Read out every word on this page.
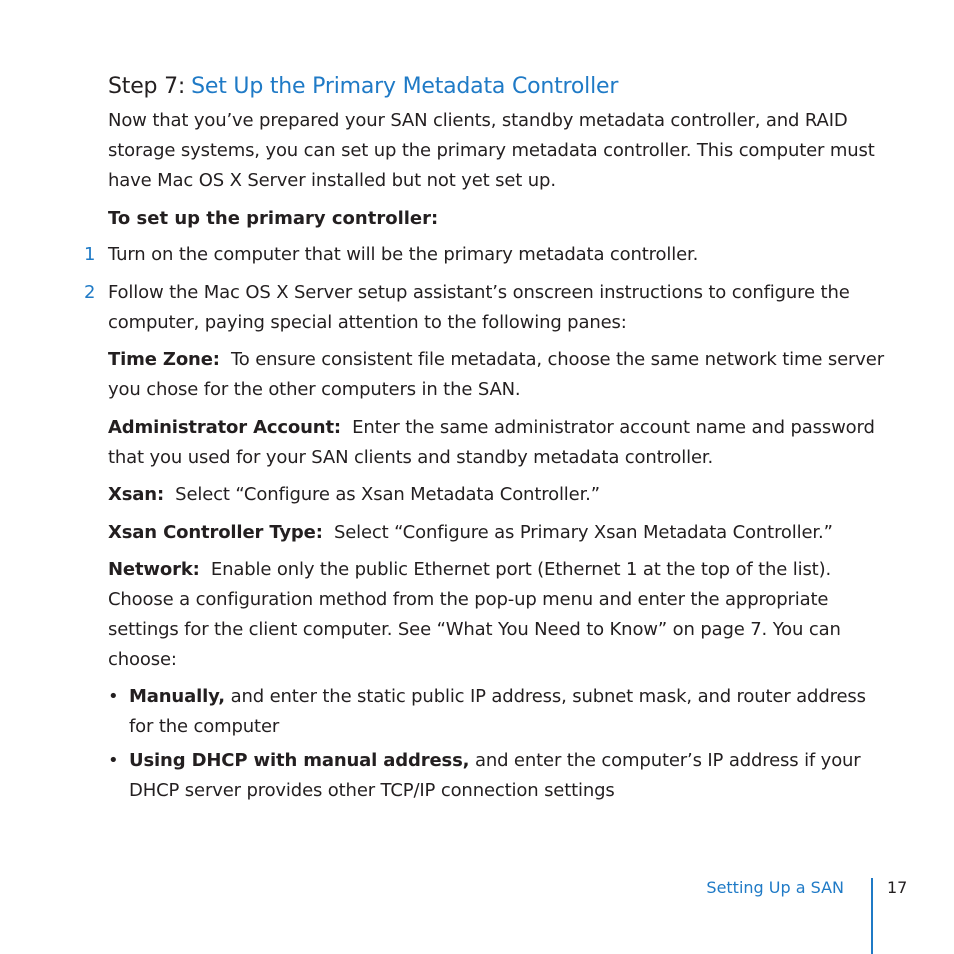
Step 7: Set Up the Primary Metadata Controller

Now that you’ve prepared your SAN clients, standby metadata controller, and RAID storage systems, you can set up the primary metadata controller. This computer must have Mac OS X Server installed but not yet set up.

To set up the primary controller:

1 Turn on the computer that will be the primary metadata controller.

2 Follow the Mac OS X Server setup assistant’s onscreen instructions to configure the computer, paying special attention to the following panes:

Time Zone: To ensure consistent file metadata, choose the same network time server you chose for the other computers in the SAN.

Administrator Account: Enter the same administrator account name and password that you used for your SAN clients and standby metadata controller.

Xsan: Select “Configure as Xsan Metadata Controller.”

Xsan Controller Type: Select “Configure as Primary Xsan Metadata Controller.”

Network: Enable only the public Ethernet port (Ethernet 1 at the top of the list). Choose a configuration method from the pop-up menu and enter the appropriate settings for the client computer. See “What You Need to Know” on page 7. You can choose:

• Manually, and enter the static public IP address, subnet mask, and router address for the computer

• Using DHCP with manual address, and enter the computer’s IP address if your DHCP server provides other TCP/IP connection settings

Setting Up a SAN	17
